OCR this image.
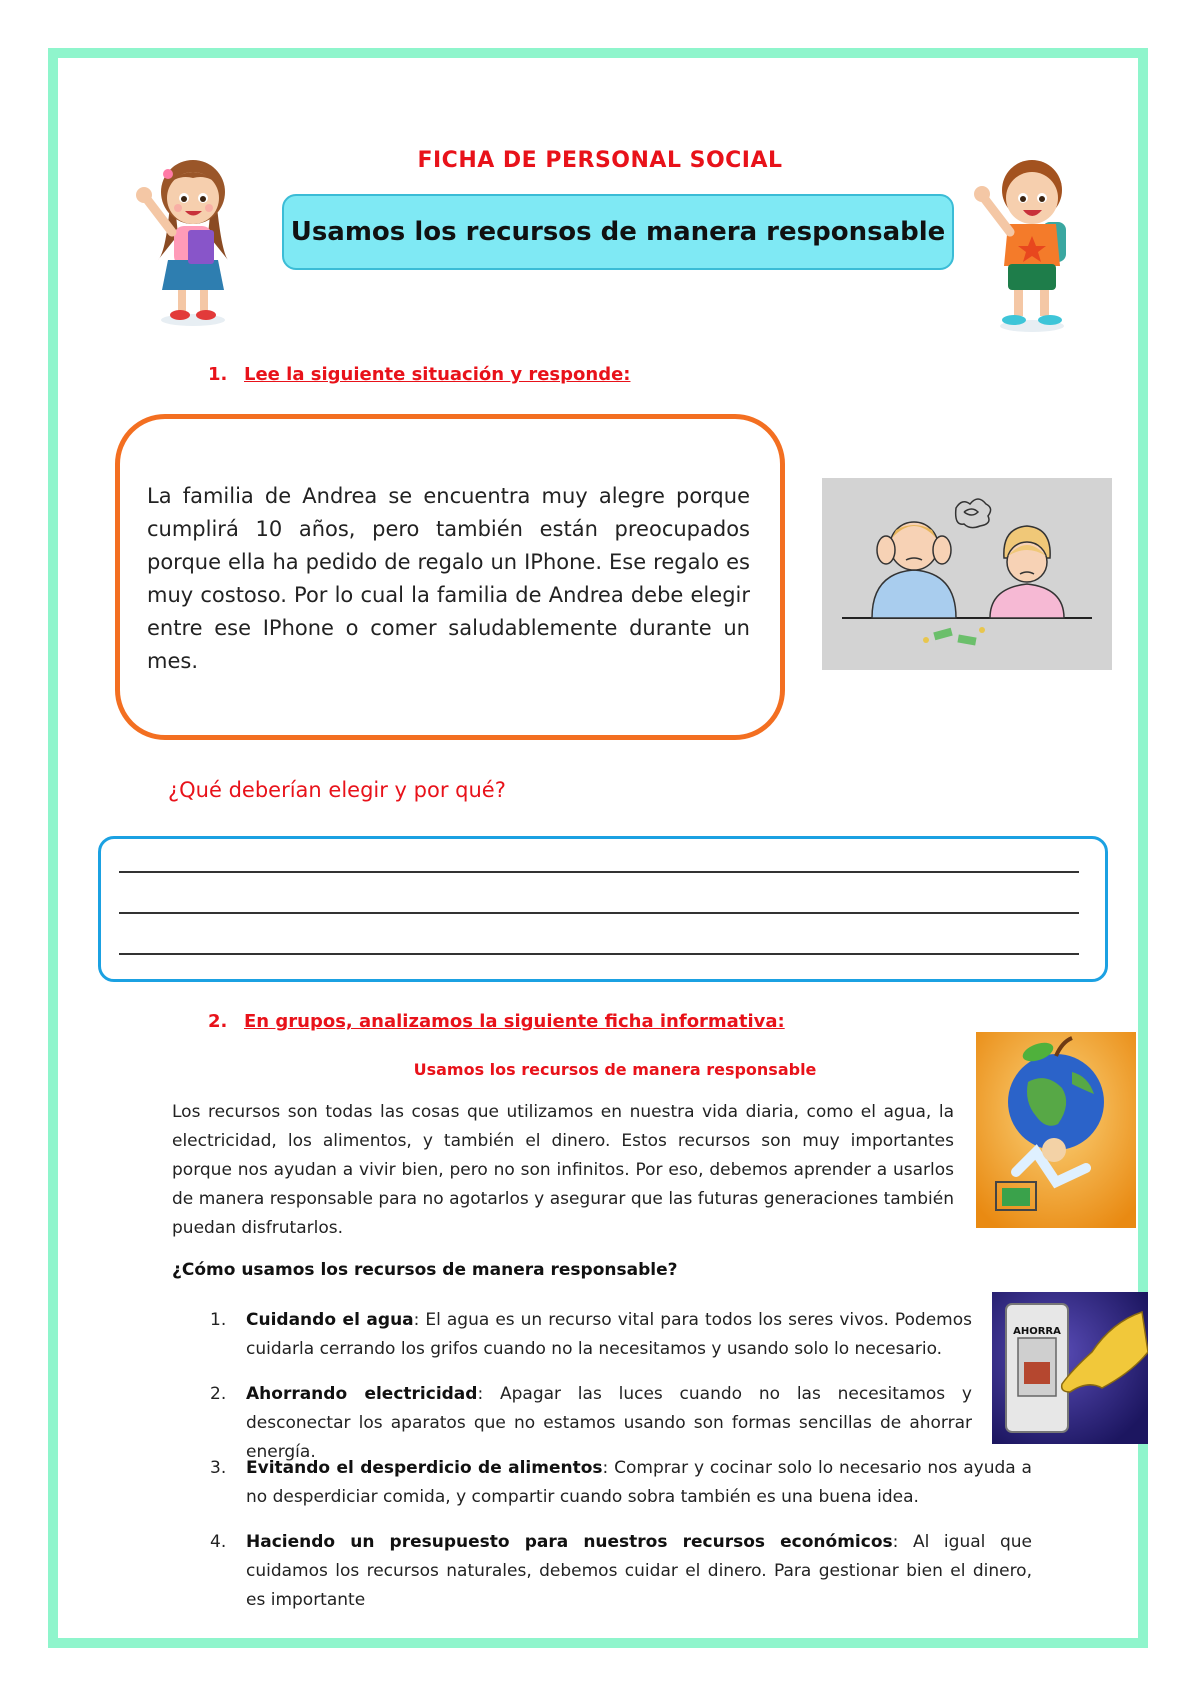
FICHA DE PERSONAL SOCIAL
Usamos los recursos de manera responsable
1. Lee la siguiente situación y responde:
La familia de Andrea se encuentra muy alegre porque cumplirá 10 años, pero también están preocupados porque ella ha pedido de regalo un IPhone. Ese regalo es muy costoso. Por lo cual la familia de Andrea debe elegir entre ese IPhone o comer saludablemente durante un mes.
¿Qué deberían elegir y por qué?
2. En grupos, analizamos la siguiente ficha informativa:
Usamos los recursos de manera responsable
Los recursos son todas las cosas que utilizamos en nuestra vida diaria, como el agua, la electricidad, los alimentos, y también el dinero. Estos recursos son muy importantes porque nos ayudan a vivir bien, pero no son infinitos. Por eso, debemos aprender a usarlos de manera responsable para no agotarlos y asegurar que las futuras generaciones también puedan disfrutarlos.
¿Cómo usamos los recursos de manera responsable?
AHORRA
1. Cuidando el agua: El agua es un recurso vital para todos los seres vivos. Podemos cuidarla cerrando los grifos cuando no la necesitamos y usando solo lo necesario.
2. Ahorrando electricidad: Apagar las luces cuando no las necesitamos y desconectar los aparatos que no estamos usando son formas sencillas de ahorrar energía.
3. Evitando el desperdicio de alimentos: Comprar y cocinar solo lo necesario nos ayuda a no desperdiciar comida, y compartir cuando sobra también es una buena idea.
4. Haciendo un presupuesto para nuestros recursos económicos: Al igual que cuidamos los recursos naturales, debemos cuidar el dinero. Para gestionar bien el dinero, es importante
